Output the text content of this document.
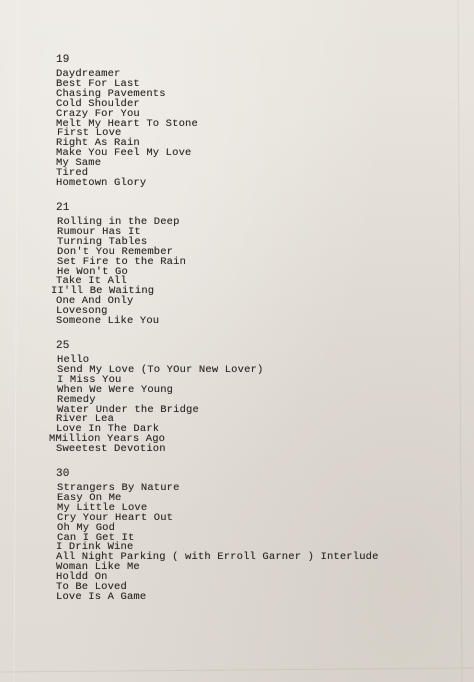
19
Daydreamer
Best For Last
Chasing Pavements
Cold Shoulder
Crazy For You
Melt My Heart To Stone
First Love
Right As Rain
Make You Feel My Love
My Same
Tired
Hometown Glory
21
Rolling in the Deep
Rumour Has It
Turning Tables
Don't You Remember
Set Fire to the Rain
He Won't Go
Take It All
II'll Be Waiting
One And Only
Lovesong
Someone Like You
25
Hello
Send My Love (To YOur New Lover)
I Miss You
When We Were Young
Remedy
Water Under the Bridge
River Lea
Love In The Dark
MMillion Years Ago
Sweetest Devotion
30
Strangers By Nature
Easy On Me
My Little Love
Cry Your Heart Out
Oh My God
Can I Get It
I Drink Wine
All Night Parking ( with Erroll Garner ) Interlude
Woman Like Me
Holdd On
To Be Loved
Love Is A Game
